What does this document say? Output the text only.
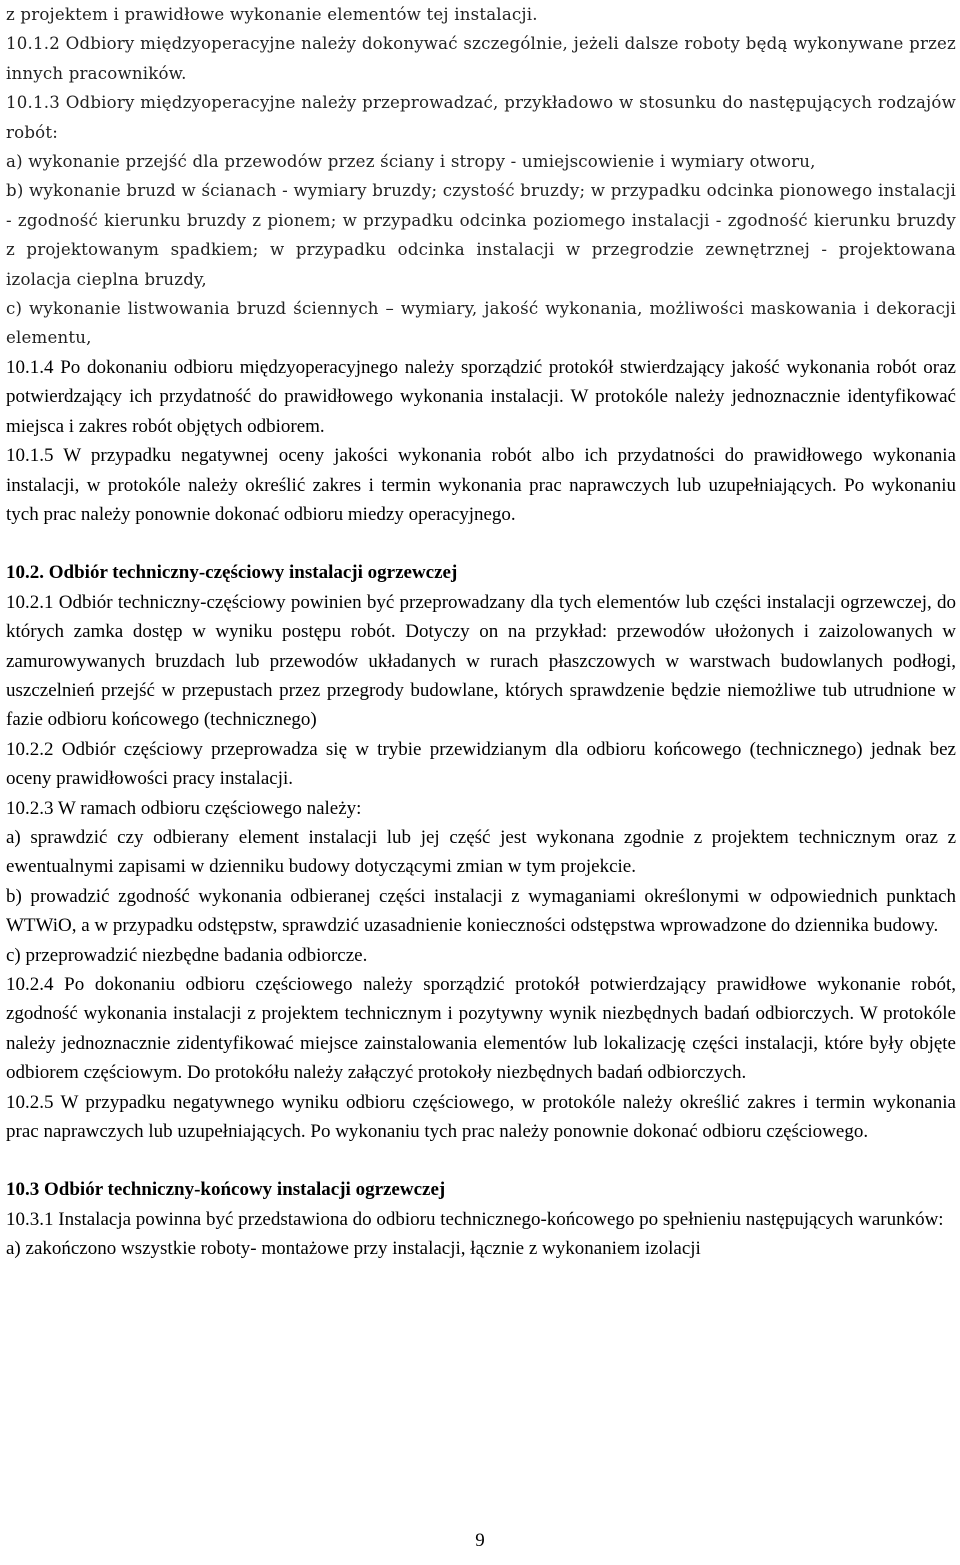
z projektem i prawidłowe wykonanie elementów tej instalacji.

10.1.2 Odbiory międzyoperacyjne należy dokonywać szczególnie, jeżeli dalsze roboty będą wykonywane przez innych pracowników.

10.1.3 Odbiory międzyoperacyjne należy przeprowadzać, przykładowo w stosunku do następujących rodzajów robót:

a) wykonanie przejść dla przewodów przez ściany i stropy - umiejscowienie i wymiary otworu,

b) wykonanie bruzd w ścianach - wymiary bruzdy; czystość bruzdy; w przypadku odcinka pionowego instalacji - zgodność kierunku bruzdy z pionem; w przypadku odcinka poziomego instalacji - zgodność kierunku bruzdy z projektowanym spadkiem; w przypadku odcinka instalacji w przegrodzie zewnętrznej - projektowana izolacja cieplna bruzdy,

c) wykonanie listwowania bruzd ściennych – wymiary, jakość wykonania, możliwości maskowania i dekoracji elementu,

10.1.4 Po dokonaniu odbioru międzyoperacyjnego należy sporządzić protokół stwierdzający jakość wykonania robót oraz potwierdzający ich przydatność do prawidłowego wykonania instalacji. W protokóle należy jednoznacznie identyfikować miejsca i zakres robót objętych odbiorem.

10.1.5 W przypadku negatywnej oceny jakości wykonania robót albo ich przydatności do prawidłowego wykonania instalacji, w protokóle należy określić zakres i termin wykonania prac naprawczych lub uzupełniających. Po wykonaniu tych prac należy ponownie dokonać odbioru miedzy operacyjnego.

10.2. Odbiór techniczny-częściowy instalacji ogrzewczej

10.2.1 Odbiór techniczny-częściowy powinien być przeprowadzany dla tych elementów lub części instalacji ogrzewczej, do których zamka dostęp w wyniku postępu robót. Dotyczy on na przykład: przewodów ułożonych i zaizolowanych w zamurowywanych bruzdach lub przewodów układanych w rurach płaszczowych w warstwach budowlanych podłogi, uszczelnień przejść w przepustach przez przegrody budowlane, których sprawdzenie będzie niemożliwe tub utrudnione w fazie odbioru końcowego (technicznego)

10.2.2 Odbiór częściowy przeprowadza się w trybie przewidzianym dla odbioru końcowego (technicznego) jednak bez oceny prawidłowości pracy instalacji.

10.2.3 W ramach odbioru częściowego należy:

a) sprawdzić czy odbierany element instalacji lub jej część jest wykonana zgodnie z projektem technicznym oraz z ewentualnymi zapisami w dzienniku budowy dotyczącymi zmian w tym projekcie.

b) prowadzić zgodność wykonania odbieranej części instalacji z wymaganiami określonymi w odpowiednich punktach WTWiO, a w przypadku odstępstw, sprawdzić uzasadnienie konieczności odstępstwa wprowadzone do dziennika budowy.

c) przeprowadzić niezbędne badania odbiorcze.

10.2.4 Po dokonaniu odbioru częściowego należy sporządzić protokół potwierdzający prawidłowe wykonanie robót, zgodność wykonania instalacji z projektem technicznym i pozytywny wynik niezbędnych badań odbiorczych. W protokóle należy jednoznacznie zidentyfikować miejsce zainstalowania elementów lub lokalizację części instalacji, które były objęte odbiorem częściowym. Do protokółu należy załączyć protokoły niezbędnych badań odbiorczych.

10.2.5 W przypadku negatywnego wyniku odbioru częściowego, w protokóle należy określić zakres i termin wykonania prac naprawczych lub uzupełniających. Po wykonaniu tych prac należy ponownie dokonać odbioru częściowego.

10.3 Odbiór techniczny-końcowy instalacji ogrzewczej

10.3.1 Instalacja powinna być przedstawiona do odbioru technicznego-końcowego po spełnieniu następujących warunków:

a) zakończono wszystkie roboty- montażowe przy instalacji, łącznie z wykonaniem izolacji

9
